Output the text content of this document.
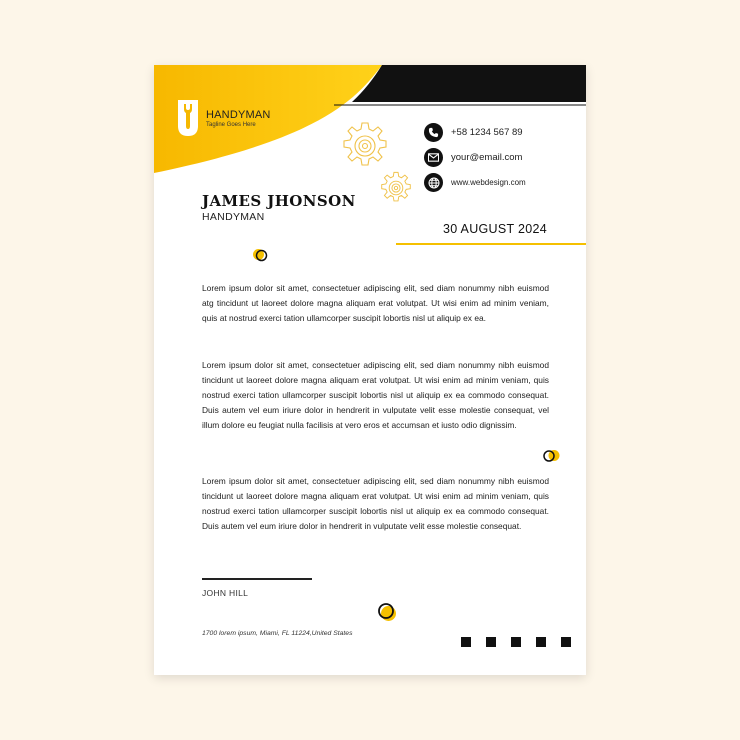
HANDYMAN
Tagline Goes Here
+58 1234 567 89
your@email.com
www.webdesign.com
JAMES JHONSON
HANDYMAN
30 AUGUST 2024

Lorem ipsum dolor sit amet, consectetuer adipiscing elit, sed diam nonummy nibh euismod atg tincidunt ut laoreet dolore magna aliquam erat volutpat. Ut wisi enim ad minim veniam, quis at nostrud exerci tation ullamcorper suscipit lobortis nisl ut aliquip ex ea.

Lorem ipsum dolor sit amet, consectetuer adipiscing elit, sed diam nonummy nibh euismod tincidunt ut laoreet dolore magna aliquam erat volutpat. Ut wisi enim ad minim veniam, quis nostrud exerci tation ullamcorper suscipit lobortis nisl ut aliquip ex ea commodo consequat. Duis autem vel eum iriure dolor in hendrerit in vulputate velit esse molestie consequat, vel illum dolore eu feugiat nulla facilisis at vero eros et accumsan et iusto odio dignissim.

Lorem ipsum dolor sit amet, consectetuer adipiscing elit, sed diam nonummy nibh euismod tincidunt ut laoreet dolore magna aliquam erat volutpat. Ut wisi enim ad minim veniam, quis nostrud exerci tation ullamcorper suscipit lobortis nisl ut aliquip ex ea commodo consequat. Duis autem vel eum iriure dolor in hendrerit in vulputate velit esse molestie consequat.

JOHN HILL
1700 lorem ipsum, Miami, FL 11224,United States
